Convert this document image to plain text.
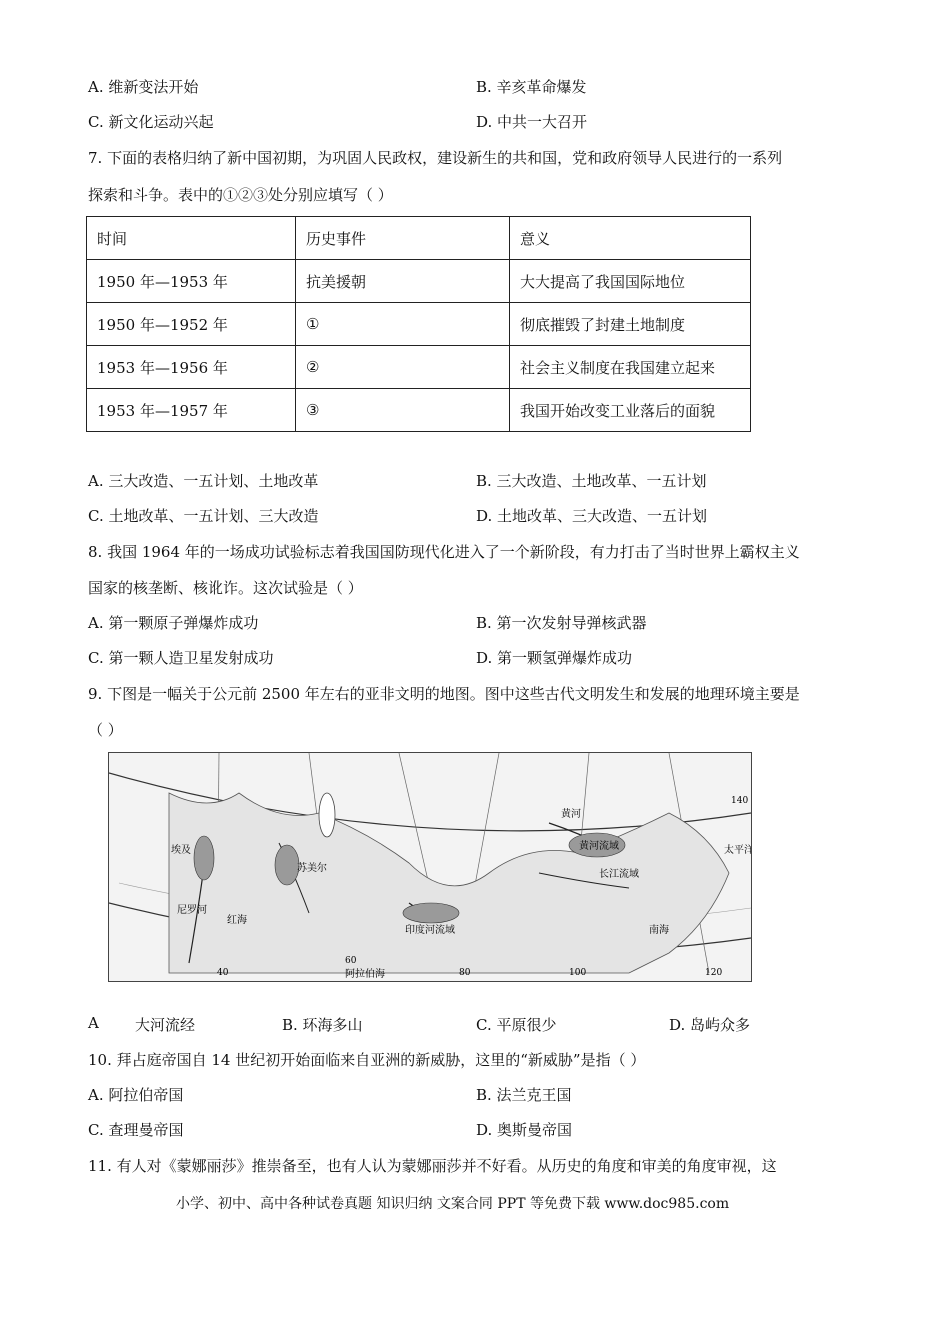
A. 维新变法开始	B. 辛亥革命爆发
C. 新文化运动兴起	D. 中共一大召开
7. 下面的表格归纳了新中国初期，为巩固人民政权，建设新生的共和国，党和政府领导人民进行的一系列
探索和斗争。表中的①②③处分别应填写（ ）
时间	历史事件	意义
1950 年—1953 年	抗美援朝	大大提高了我国国际地位
1950 年—1952 年	①	彻底摧毁了封建土地制度
1953 年—1956 年	②	社会主义制度在我国建立起来
1953 年—1957 年	③	我国开始改变工业落后的面貌
A. 三大改造、一五计划、土地改革	B. 三大改造、土地改革、一五计划
C. 土地改革、一五计划、三大改造	D. 土地改革、三大改造、一五计划
8. 我国 1964 年的一场成功试验标志着我国国防现代化进入了一个新阶段，有力打击了当时世界上霸权主义
国家的核垄断、核讹诈。这次试验是（ ）
A. 第一颗原子弹爆炸成功	B. 第一次发射导弹核武器
C. 第一颗人造卫星发射成功	D. 第一颗氢弹爆炸成功
9. 下图是一幅关于公元前 2500 年左右的亚非文明的地图。图中这些古代文明发生和发展的地理环境主要是
（ ）
埃及
尼罗河
红海
苏美尔
印度河流域
阿拉伯海
黄河
黄河流域
长江流域
太平洋
南海
40
60
80	100	120
140
A 大河流经	B. 环海多山	C. 平原很少	D. 岛屿众多
10. 拜占庭帝国自 14 世纪初开始面临来自亚洲的新威胁，这里的“新威胁”是指（ ）
A. 阿拉伯帝国	B. 法兰克王国
C. 查理曼帝国	D. 奥斯曼帝国
11. 有人对《蒙娜丽莎》推崇备至，也有人认为蒙娜丽莎并不好看。从历史的角度和审美的角度审视，这
小学、初中、高中各种试卷真题 知识归纳 文案合同 PPT 等免费下载 www.doc985.com
